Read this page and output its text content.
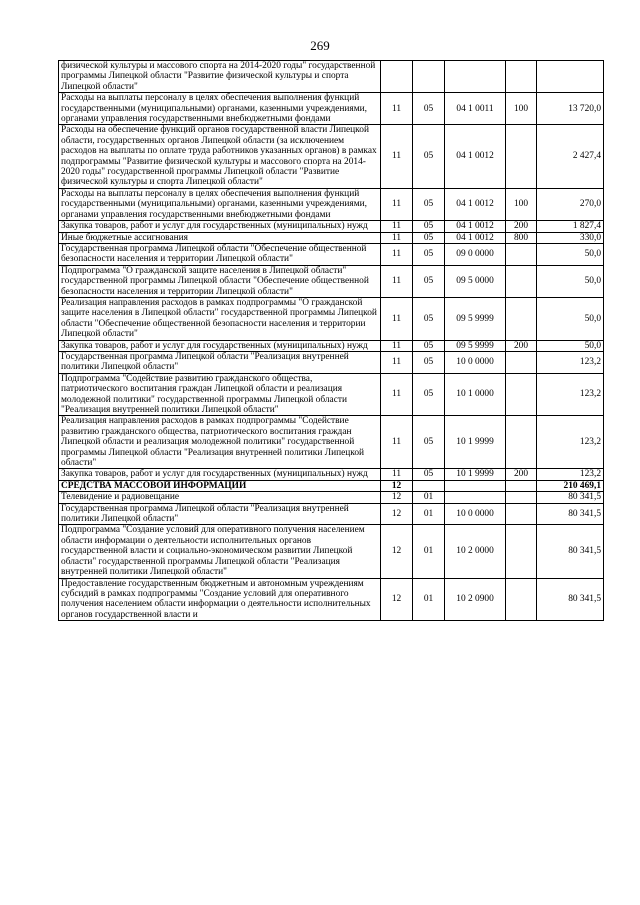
269
физической культуры и массового спорта на 2014-2020 годы" государственной программы Липецкой области "Развитие физической культуры и спорта Липецкой области"					
Расходы на выплаты персоналу в целях обеспечения выполнения функций государственными (муниципальными) органами, казенными учреждениями, органами управления государственными внебюджетными фондами	11	05	04 1 0011	100	13 720,0
Расходы на обеспечение функций органов государственной власти Липецкой области, государственных органов Липецкой области (за исключением расходов на выплаты по оплате труда работников указанных органов) в рамках подпрограммы "Развитие физической культуры и массового спорта на 2014-2020 годы" государственной программы Липецкой области "Развитие физической культуры и спорта Липецкой области"	11	05	04 1 0012		2 427,4
Расходы на выплаты персоналу в целях обеспечения выполнения функций государственными (муниципальными) органами, казенными учреждениями, органами управления государственными внебюджетными фондами	11	05	04 1 0012	100	270,0
Закупка товаров, работ и услуг для государственных (муниципальных) нужд	11	05	04 1 0012	200	1 827,4
Иные бюджетные ассигнования	11	05	04 1 0012	800	330,0
Государственная программа Липецкой области "Обеспечение общественной безопасности населения и территории Липецкой области"	11	05	09 0 0000		50,0
Подпрограмма "О гражданской защите населения в Липецкой области" государственной программы Липецкой области "Обеспечение общественной безопасности населения и территории Липецкой области"	11	05	09 5 0000		50,0
Реализация направления расходов в рамках подпрограммы "О гражданской защите населения в Липецкой области" государственной программы Липецкой области "Обеспечение общественной безопасности населения и территории Липецкой области"	11	05	09 5 9999		50,0
Закупка товаров, работ и услуг для государственных (муниципальных) нужд	11	05	09 5 9999	200	50,0
Государственная программа Липецкой области "Реализация внутренней политики Липецкой области"	11	05	10 0 0000		123,2
Подпрограмма "Содействие развитию гражданского общества, патриотического воспитания граждан Липецкой области и реализация молодежной политики" государственной программы Липецкой области "Реализация внутренней политики Липецкой области"	11	05	10 1 0000		123,2
Реализация направления расходов в рамках подпрограммы "Содействие развитию гражданского общества, патриотического воспитания граждан Липецкой области и реализация молодежной политики" государственной программы Липецкой области "Реализация внутренней политики Липецкой области"	11	05	10 1 9999		123,2
Закупка товаров, работ и услуг для государственных (муниципальных) нужд	11	05	10 1 9999	200	123,2
СРЕДСТВА МАССОВОЙ ИНФОРМАЦИИ	12				210 469,1
Телевидение и радиовещание	12	01			80 341,5
Государственная программа Липецкой области "Реализация внутренней политики Липецкой области"	12	01	10 0 0000		80 341,5
Подпрограмма "Создание условий для оперативного получения населением области информации о деятельности исполнительных органов государственной власти и социально-экономическом развитии Липецкой области" государственной программы Липецкой области "Реализация внутренней политики Липецкой области"	12	01	10 2 0000		80 341,5
Предоставление государственным бюджетным и автономным учреждениям субсидий в рамках подпрограммы "Создание условий для оперативного получения населением области информации о деятельности исполнительных органов государственной власти и	12	01	10 2 0900		80 341,5
